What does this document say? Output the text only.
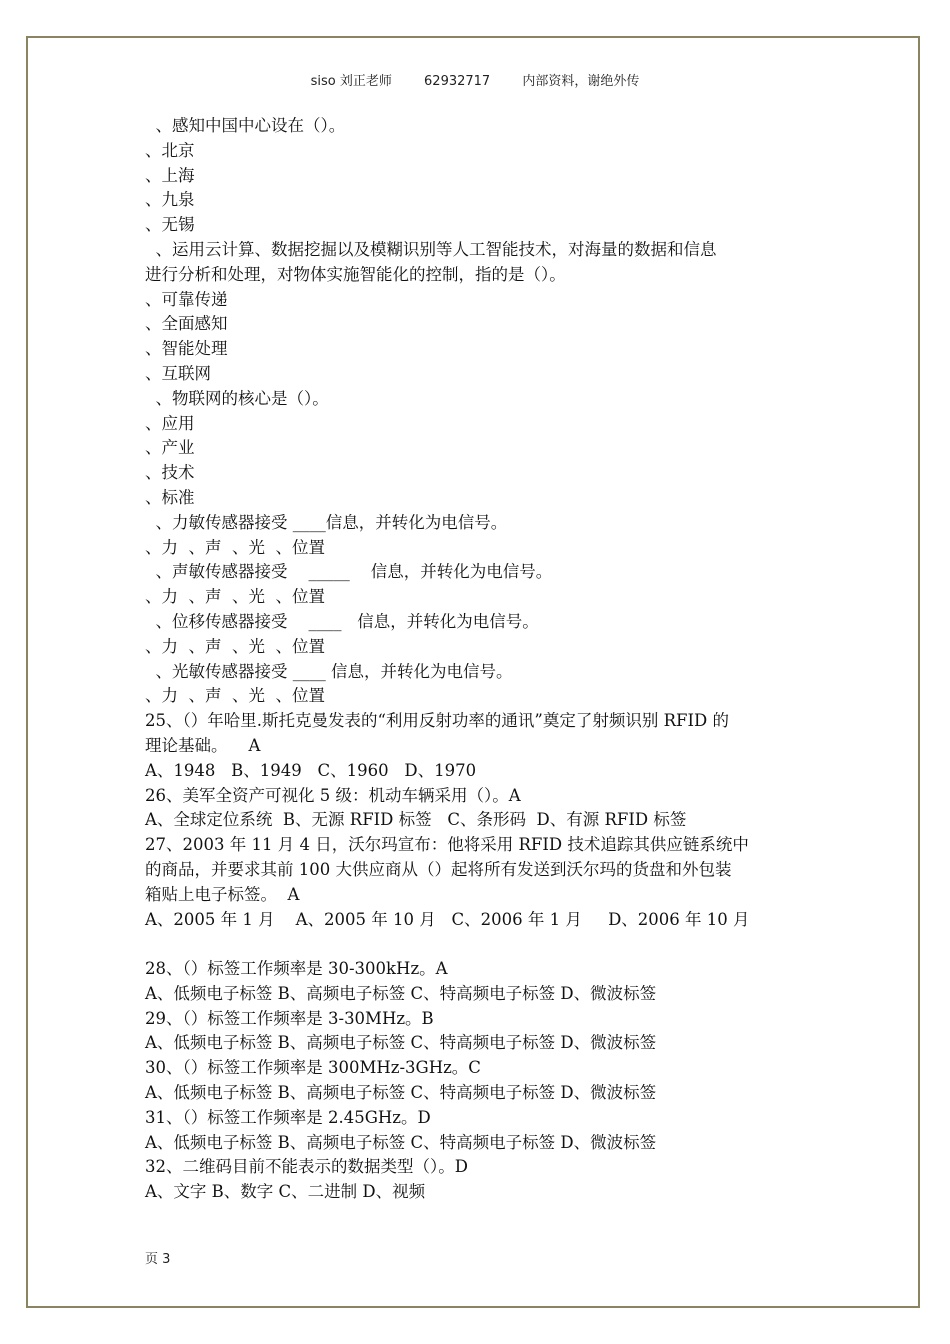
siso 刘正老师 62932717 内部资料，谢绝外传
、感知中国中心设在（）。
、北京
、上海
、九泉
、无锡
、运用云计算、数据挖掘以及模糊识别等人工智能技术，对海量的数据和信息
进行分析和处理，对物体实施智能化的控制，指的是（）。
、可靠传递
、全面感知
、智能处理
、互联网
、物联网的核心是（）。
、应用
、产业
、技术
、标准
、力敏传感器接受 ____信息，并转化为电信号。
、力  、声  、光  、位置
、声敏传感器接受    _____    信息，并转化为电信号。
、力  、声  、光  、位置
、位移传感器接受    ____   信息，并转化为电信号。
、力  、声  、光  、位置
、光敏传感器接受 ____ 信息，并转化为电信号。
、力  、声  、光  、位置
25、（）年哈里.斯托克曼发表的“利用反射功率的通讯”奠定了射频识别 RFID 的
理论基础。    A
A、1948   B、1949   C、1960   D、1970
26、美军全资产可视化 5 级：机动车辆采用（）。A
A、全球定位系统  B、无源 RFID 标签   C、条形码  D、有源 RFID 标签
27、2003 年 11 月 4 日，沃尔玛宣布：他将采用 RFID 技术追踪其供应链系统中
的商品，并要求其前 100 大供应商从（）起将所有发送到沃尔玛的货盘和外包装
箱贴上电子标签。  A
A、2005 年 1 月    A、2005 年 10 月   C、2006 年 1 月     D、2006 年 10 月
28、（）标签工作频率是 30-300kHz。A
A、低频电子标签 B、高频电子标签 C、特高频电子标签 D、微波标签
29、（）标签工作频率是 3-30MHz。B
A、低频电子标签 B、高频电子标签 C、特高频电子标签 D、微波标签
30、（）标签工作频率是 300MHz-3GHz。C
A、低频电子标签 B、高频电子标签 C、特高频电子标签 D、微波标签
31、（）标签工作频率是 2.45GHz。D
A、低频电子标签 B、高频电子标签 C、特高频电子标签 D、微波标签
32、二维码目前不能表示的数据类型（）。D
A、文字 B、数字 C、二进制 D、视频
页 3
